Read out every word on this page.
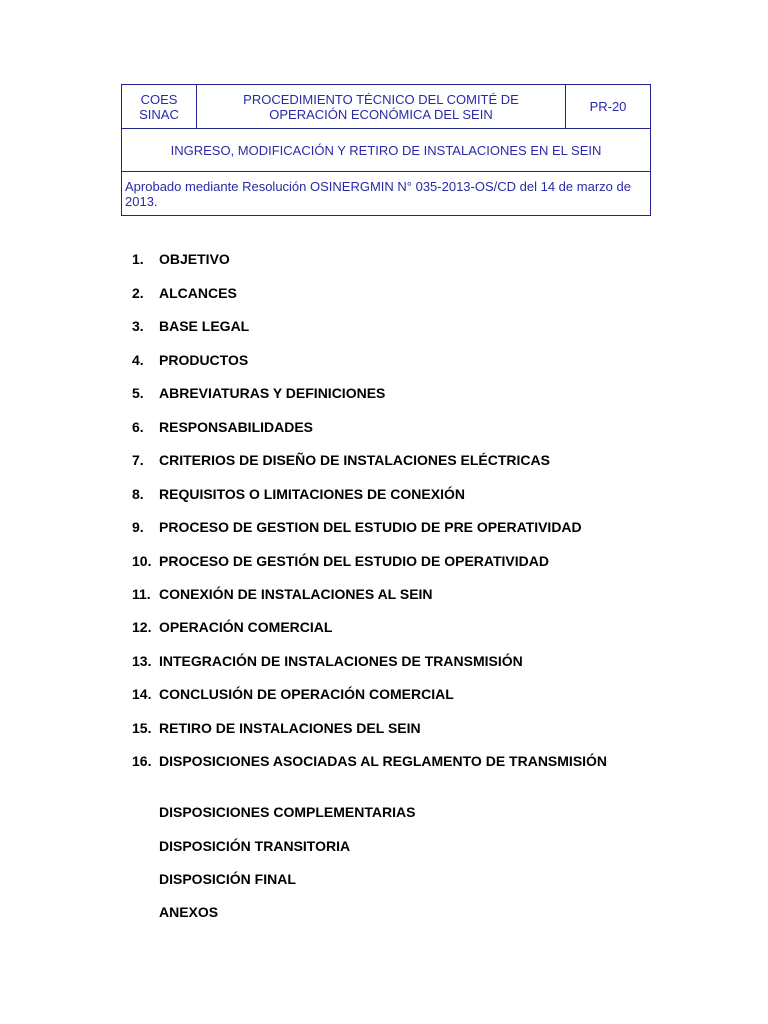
COES
SINAC
PROCEDIMIENTO TÉCNICO DEL COMITÉ DE
OPERACIÓN ECONÓMICA DEL SEIN	PR-20
INGRESO, MODIFICACIÓN Y RETIRO DE INSTALACIONES EN EL SEIN
Aprobado mediante Resolución OSINERGMIN N° 035-2013-OS/CD del 14 de marzo de 2013.
1. OBJETIVO
2. ALCANCES
3. BASE LEGAL
4. PRODUCTOS
5. ABREVIATURAS Y DEFINICIONES
6. RESPONSABILIDADES
7. CRITERIOS DE DISEÑO DE INSTALACIONES ELÉCTRICAS
8. REQUISITOS O LIMITACIONES DE CONEXIÓN
9. PROCESO DE GESTION DEL ESTUDIO DE PRE OPERATIVIDAD
10. PROCESO DE GESTIÓN DEL ESTUDIO DE OPERATIVIDAD
11. CONEXIÓN DE INSTALACIONES AL SEIN
12. OPERACIÓN COMERCIAL
13. INTEGRACIÓN DE INSTALACIONES DE TRANSMISIÓN
14. CONCLUSIÓN DE OPERACIÓN COMERCIAL
15. RETIRO DE INSTALACIONES DEL SEIN
16. DISPOSICIONES ASOCIADAS AL REGLAMENTO DE TRANSMISIÓN
DISPOSICIONES COMPLEMENTARIAS
DISPOSICIÓN TRANSITORIA
DISPOSICIÓN FINAL
ANEXOS
